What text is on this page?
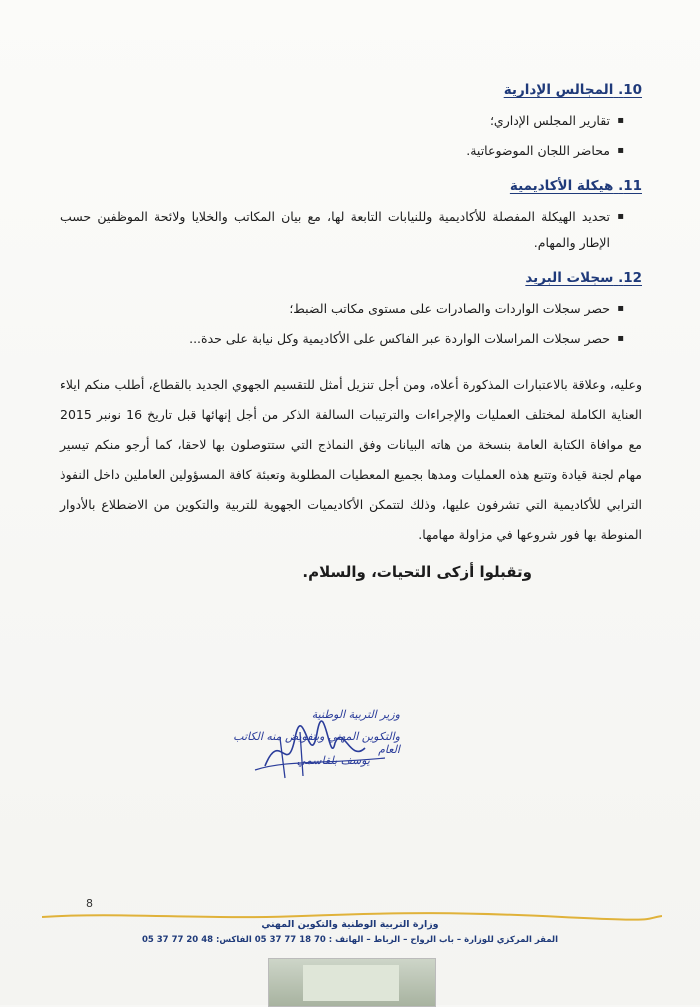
10. المجالس الإدارية
▪ تقارير المجلس الإداري؛
▪ محاضر اللجان الموضوعاتية.
11. هيكلة الأكاديمية
▪ تحديد الهيكلة المفصلة للأكاديمية وللنيابات التابعة لها، مع بيان المكاتب والخلايا ولائحة الموظفين حسب الإطار والمهام.
12. سجلات البريد
▪ حصر سجلات الواردات والصادرات على مستوى مكاتب الضبط؛
▪ حصر سجلات المراسلات الواردة عبر الفاكس على الأكاديمية وكل نيابة على حدة...

وعليه، وعلاقة بالاعتبارات المذكورة أعلاه، ومن أجل تنزيل أمثل للتقسيم الجهوي الجديد بالقطاع، أطلب منكم ايلاء العناية الكاملة لمختلف العمليات والإجراءات والترتيبات السالفة الذكر من أجل إنهائها قبل تاريخ 16 نونبر 2015 مع موافاة الكتابة العامة بنسخة من هاته البيانات وفق النماذج التي ستتوصلون بها لاحقا، كما أرجو منكم تيسير مهام لجنة قيادة وتتبع هذه العمليات ومدها بجميع المعطيات المطلوبة وتعبئة كافة المسؤولين العاملين داخل النفوذ الترابي للأكاديمية التي تشرفون عليها، وذلك لتتمكن الأكاديميات الجهوية للتربية والتكوين من الاضطلاع بالأدوار المنوطة بها فور شروعها في مزاولة مهامها.

وتقبلوا أزكى التحيات، والسلام.
وزير التربية الوطنية
والتكوين المهني وبتفويض منه الكاتب العام
يوسف بلقاسمي
8
وزارة التربية الوطنية والتكوين المهني
المقر المركزي للوزارة – باب الرواح – الرباط – الهاتف : 70 18 77 37 05 الفاكس: 48 20 77 37 05
